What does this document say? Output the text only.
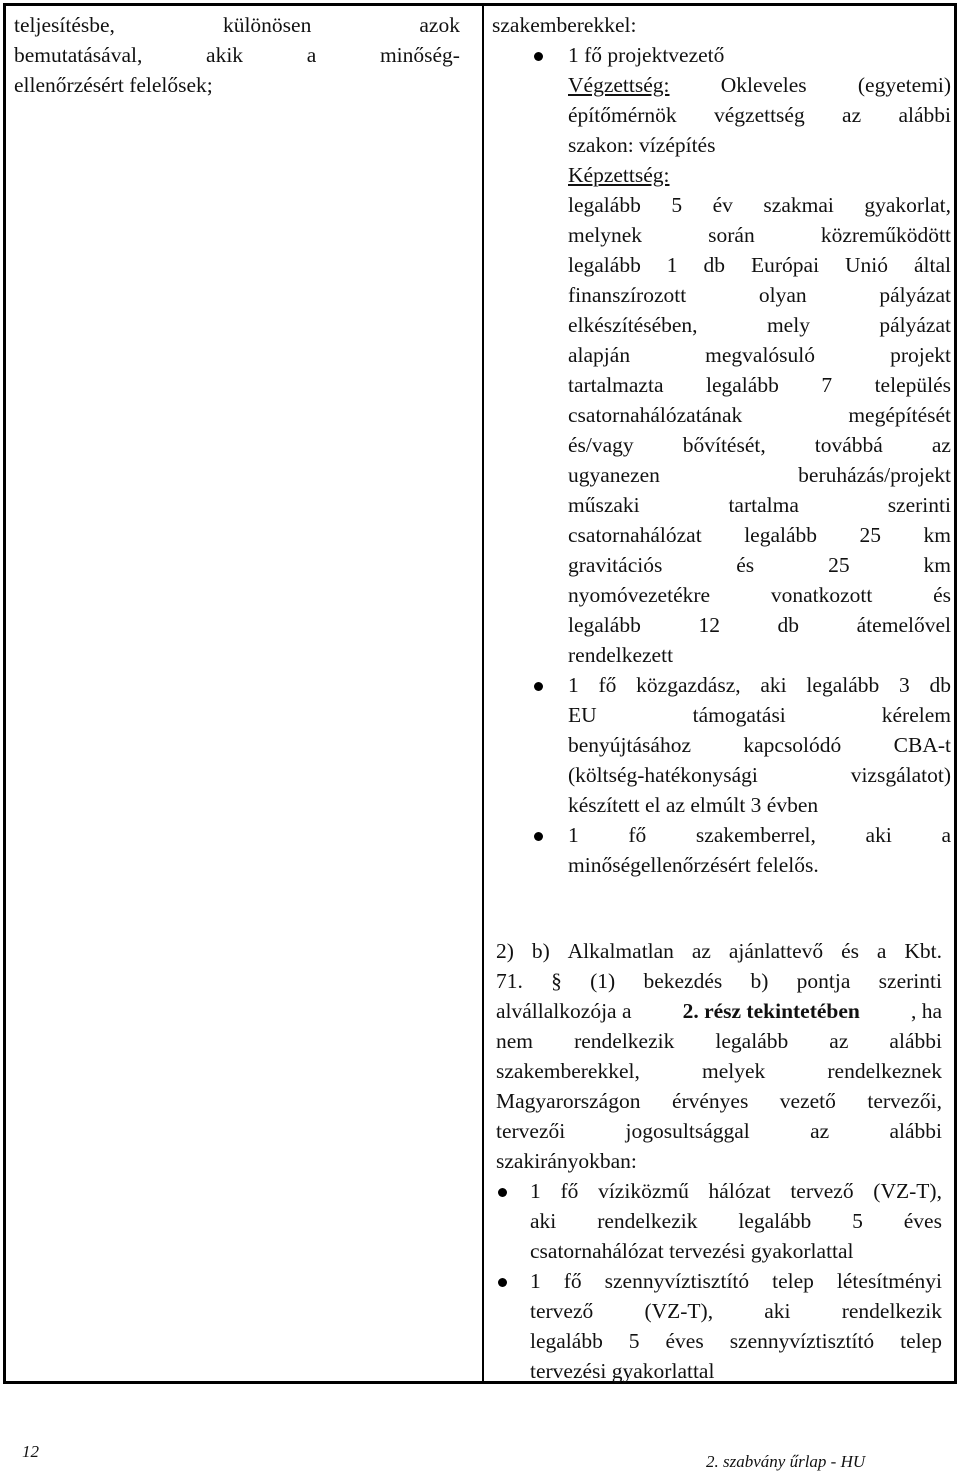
teljesítésbe,	különösen	azok
bemutatásával,	akik	a	minőség-
ellenőrzésért felelősek;
szakemberekkel:
1 fő projektvezető
Végzettség: Okleveles (egyetemi)
építőmérnök végzettség az alábbi
szakon: vízépítés
Képzettség:
legalább 5 év szakmai gyakorlat,
melynek	során	közreműködött
legalább 1 db Európai Unió által
finanszírozott	olyan	pályázat
elkészítésében,	mely	pályázat
alapján	megvalósuló	projekt
tartalmazta legalább 7 település
csatornahálózatának	megépítését
és/vagy bővítését, továbbá az
ugyanezen	beruházás/projekt
műszaki	tartalma	szerinti
csatornahálózat legalább 25 km
gravitációs	és	25	km
nyomóvezetékre	vonatkozott	és
legalább	12	db	átemelővel
rendelkezett
1 fő közgazdász, aki legalább 3 db
EU	támogatási	kérelem
benyújtásához kapcsolódó CBA-t
(költség-hatékonysági	vizsgálatot)
készített el az elmúlt 3 évben
1 fő szakemberrel, aki a
minőségellenőrzésért felelős.
2) b) Alkalmatlan az ajánlattevő és a Kbt.
71. § (1) bekezdés b) pontja szerinti
alvállalkozója a 2. rész tekintetében , ha
nem rendelkezik legalább az alábbi
szakemberekkel,	melyek	rendelkeznek
Magyarországon érvényes vezető tervezői,
tervezői	jogosultsággal	az	alábbi
szakirányokban:
1 fő víziközmű hálózat tervező (VZ-T),
aki rendelkezik legalább 5 éves
csatornahálózat tervezési gyakorlattal
1 fő szennyvíztisztító telep létesítményi
tervező (VZ-T), aki rendelkezik
legalább 5 éves szennyvíztisztító telep
tervezési gyakorlattal
12
2. szabvány űrlap - HU
